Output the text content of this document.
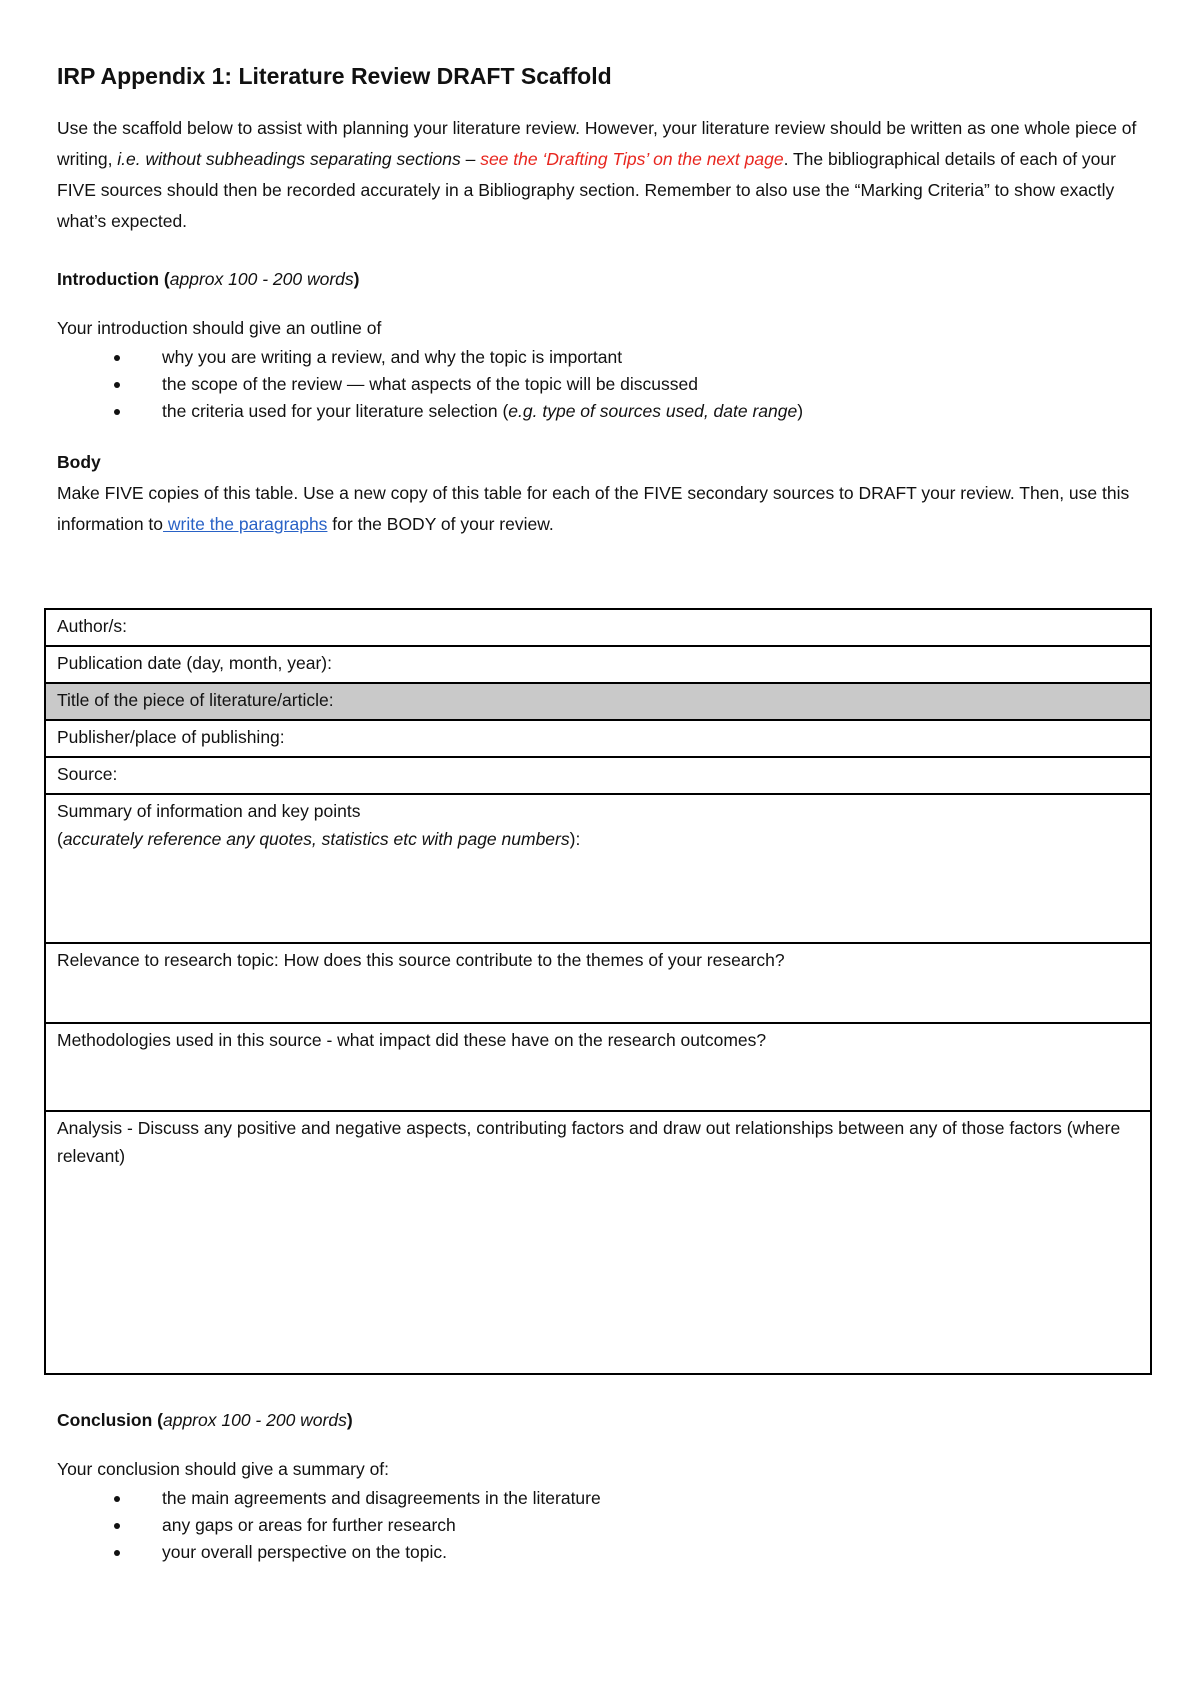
IRP Appendix 1: Literature Review DRAFT Scaffold

Use the scaffold below to assist with planning your literature review. However, your literature review should be written as one whole piece of writing, i.e. without subheadings separating sections – see the ‘Drafting Tips’ on the next page. The bibliographical details of each of your FIVE sources should then be recorded accurately in a Bibliography section. Remember to also use the “Marking Criteria” to show exactly what’s expected.

Introduction (approx 100 - 200 words)

Your introduction should give an outline of

why you are writing a review, and why the topic is important
the scope of the review — what aspects of the topic will be discussed
the criteria used for your literature selection (e.g. type of sources used, date range)

Body

Make FIVE copies of this table. Use a new copy of this table for each of the FIVE secondary sources to DRAFT your review. Then, use this information to write the paragraphs for the BODY of your review.

Author/s:
Publication date (day, month, year):
Title of the piece of literature/article:
Publisher/place of publishing:
Source:

Summary of information and key points
(accurately reference any quotes, statistics etc with page numbers):

Relevance to research topic: How does this source contribute to the themes of your research?
Methodologies used in this source - what impact did these have on the research outcomes?
Analysis - Discuss any positive and negative aspects, contributing factors and draw out relationships between any of those factors (where relevant)

Conclusion (approx 100 - 200 words)

Your conclusion should give a summary of:

the main agreements and disagreements in the literature
any gaps or areas for further research
your overall perspective on the topic.
